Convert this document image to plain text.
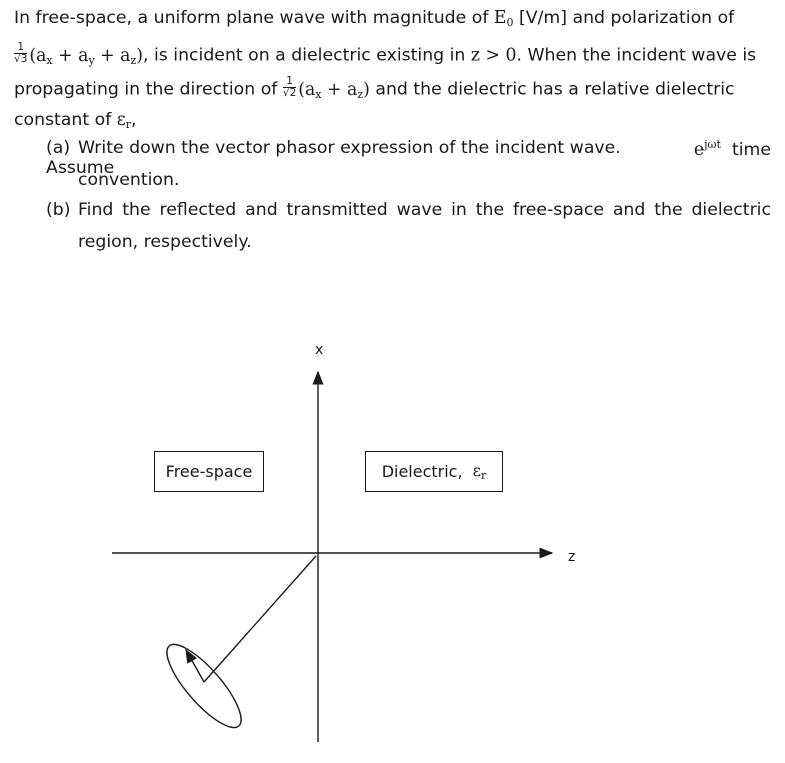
In free-space, a uniform plane wave with magnitude of $E_0$ [V/m] and polarization of
$\frac{1}{√3} (a_x + a_y + a_z)$, is incident on a dielectric existing in z > 0. When the incident wave is
propagating in the direction of $\frac{1}{√2} (a_x + a_z)$ and the dielectric has a relative dielectric
constant of $\varepsilon_r$,
(a) Write down the vector phasor expression of the incident wave. Assume
$e^{j\omega t}$ time
convention.
(b) Find the reflected and transmitted wave in the free-space and the dielectric
region, respectively.
x
z
Free-space	Dielectric,
$\varepsilon_r$
